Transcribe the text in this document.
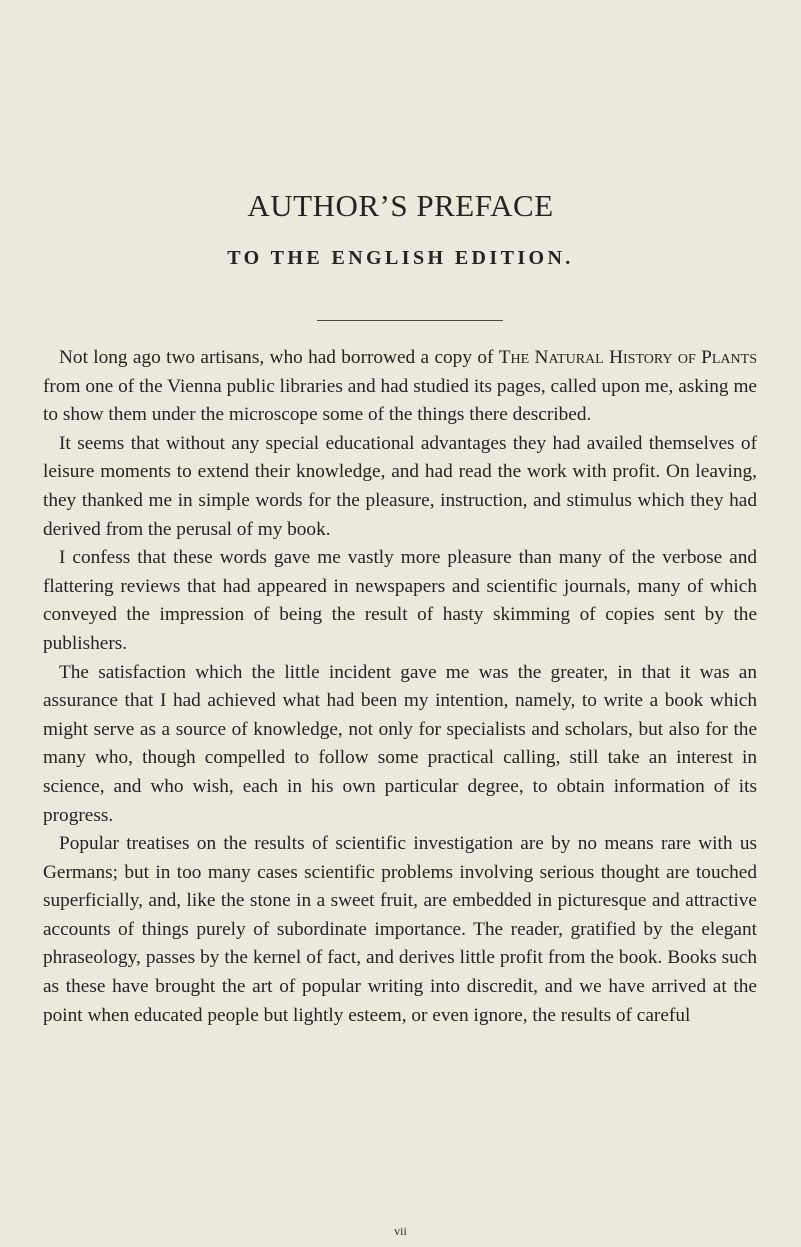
AUTHOR’S PREFACE
TO THE ENGLISH EDITION.

Not long ago two artisans, who had borrowed a copy of The Natural History of Plants from one of the Vienna public libraries and had studied its pages, called upon me, asking me to show them under the microscope some of the things there described.

It seems that without any special educational advantages they had availed themselves of leisure moments to extend their knowledge, and had read the work with profit. On leaving, they thanked me in simple words for the pleasure, instruction, and stimulus which they had derived from the perusal of my book.

I confess that these words gave me vastly more pleasure than many of the verbose and flattering reviews that had appeared in newspapers and scientific journals, many of which conveyed the impression of being the result of hasty skimming of copies sent by the publishers.

The satisfaction which the little incident gave me was the greater, in that it was an assurance that I had achieved what had been my intention, namely, to write a book which might serve as a source of knowledge, not only for specialists and scholars, but also for the many who, though compelled to follow some practical calling, still take an interest in science, and who wish, each in his own particular degree, to obtain information of its progress.

Popular treatises on the results of scientific investigation are by no means rare with us Germans; but in too many cases scientific problems involving serious thought are touched superficially, and, like the stone in a sweet fruit, are embedded in picturesque and attractive accounts of things purely of subordinate importance. The reader, gratified by the elegant phraseology, passes by the kernel of fact, and derives little profit from the book. Books such as these have brought the art of popular writing into discredit, and we have arrived at the point when educated people but lightly esteem, or even ignore, the results of careful

vii
